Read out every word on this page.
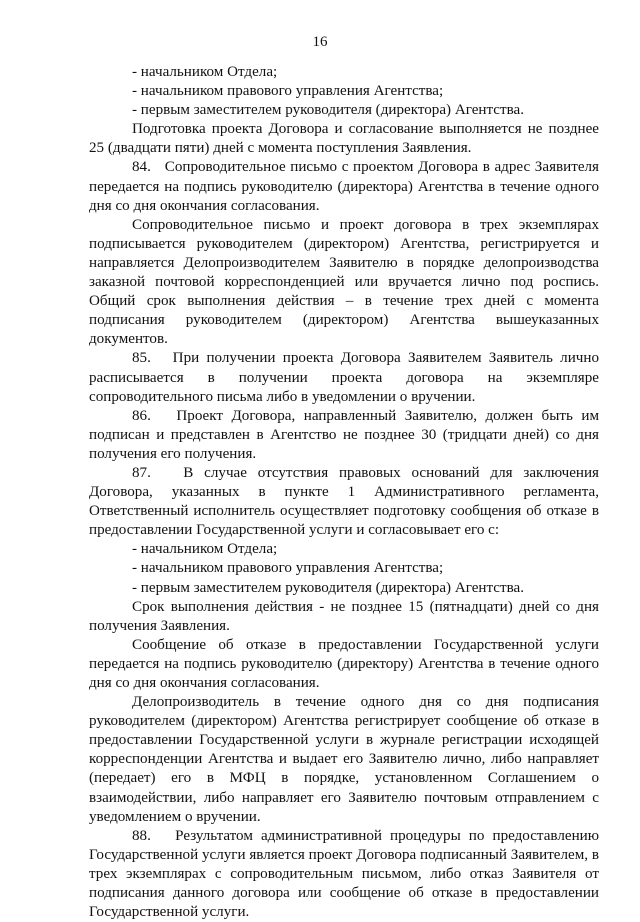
16

- начальником Отдела;

- начальником правового управления Агентства;

- первым заместителем руководителя (директора) Агентства.

Подготовка проекта Договора и согласование выполняется не позднее 25 (двадцати пяти) дней с момента поступления Заявления.

84.   Сопроводительное письмо с проектом Договора в адрес Заявителя передается на подпись руководителю (директора) Агентства в течение одного дня со дня окончания согласования.

Сопроводительное письмо и проект договора в трех экземплярах подписывается руководителем (директором) Агентства, регистрируется и направляется Делопроизводителем Заявителю в порядке делопроизводства заказной почтовой корреспонденцией или вручается лично под роспись. Общий срок выполнения действия – в течение трех дней с момента подписания руководителем (директором) Агентства вышеуказанных документов.

85.   При получении проекта Договора Заявителем Заявитель лично расписывается в получении проекта договора на экземпляре сопроводительного письма либо в уведомлении о вручении.

86.   Проект Договора, направленный Заявителю, должен быть им подписан и представлен в Агентство не позднее 30 (тридцати дней) со дня получения его получения.

87.   В случае отсутствия правовых оснований для заключения Договора, указанных в пункте 1 Административного регламента, Ответственный исполнитель осуществляет подготовку сообщения об отказе в предоставлении Государственной услуги и согласовывает его с:

- начальником Отдела;

- начальником правового управления Агентства;

- первым заместителем руководителя (директора) Агентства.

Срок выполнения действия - не позднее 15 (пятнадцати) дней со дня получения Заявления.

Сообщение об отказе в предоставлении Государственной услуги передается на подпись руководителю (директору) Агентства в течение одного дня со дня окончания согласования.

Делопроизводитель в течение одного дня со дня подписания руководителем (директором) Агентства регистрирует сообщение об отказе в предоставлении Государственной услуги в журнале регистрации исходящей корреспонденции Агентства и выдает его Заявителю лично, либо направляет (передает) его в МФЦ в порядке, установленном Соглашением о взаимодействии, либо направляет его Заявителю почтовым отправлением с уведомлением о вручении.

88.   Результатом административной процедуры по предоставлению Государственной услуги является проект Договора подписанный Заявителем, в трех экземплярах с сопроводительным письмом, либо отказ Заявителя от подписания данного договора или сообщение об отказе в предоставлении Государственной услуги.
